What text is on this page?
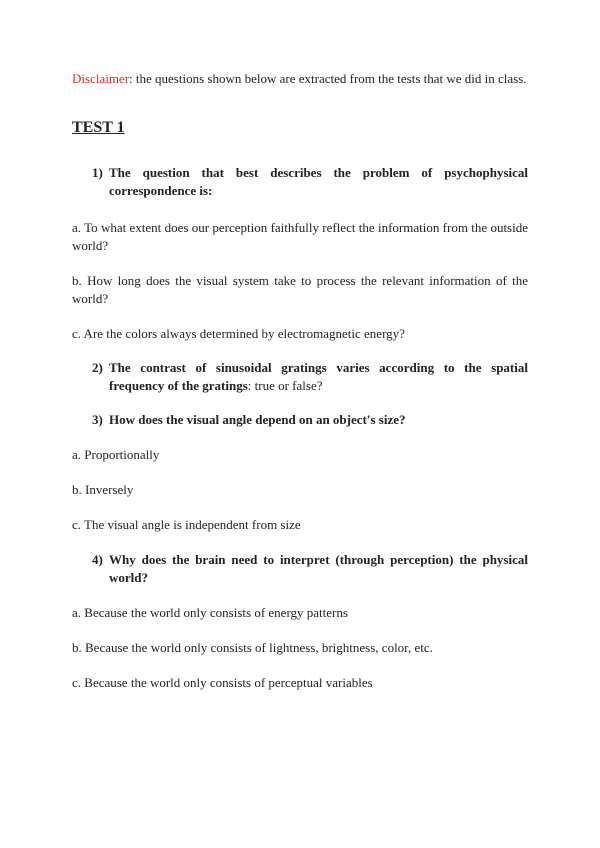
Disclaimer: the questions shown below are extracted from the tests that we did in class.

TEST 1

1) The question that best describes the problem of psychophysical correspondence is:

a. To what extent does our perception faithfully reflect the information from the outside world?

b. How long does the visual system take to process the relevant information of the world?

c. Are the colors always determined by electromagnetic energy?

2) The contrast of sinusoidal gratings varies according to the spatial frequency of the gratings: true or false?
3) How does the visual angle depend on an object's size?

a. Proportionally

b. Inversely

c. The visual angle is independent from size

4) Why does the brain need to interpret (through perception) the physical world?

a. Because the world only consists of energy patterns

b. Because the world only consists of lightness, brightness, color, etc.

c. Because the world only consists of perceptual variables
